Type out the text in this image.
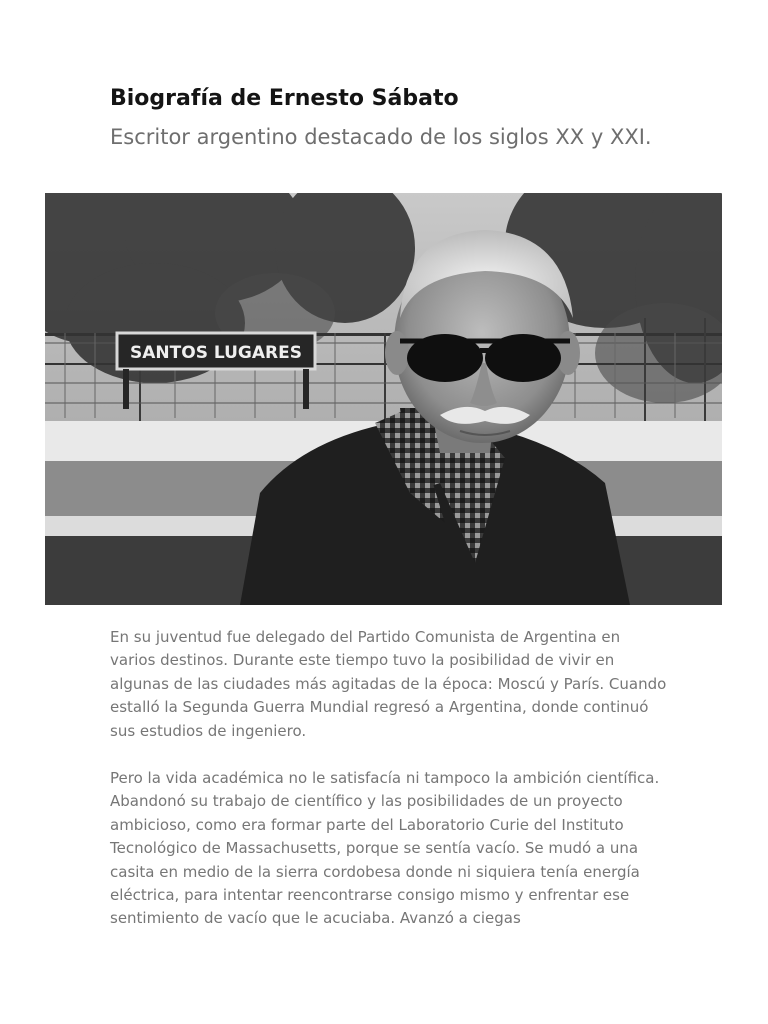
Biografía de Ernesto Sábato
Escritor argentino destacado de los siglos XX y XXI.
SANTOS LUGARES

En su juventud fue delegado del Partido Comunista de Argentina en varios destinos. Durante este tiempo tuvo la posibilidad de vivir en algunas de las ciudades más agitadas de la época: Moscú y París. Cuando estalló la Segunda Guerra Mundial regresó a Argentina, donde continuó sus estudios de ingeniero.

Pero la vida académica no le satisfacía ni tampoco la ambición científica. Abandonó su trabajo de científico y las posibilidades de un proyecto ambicioso, como era formar parte del Laboratorio Curie del Instituto Tecnológico de Massachusetts, porque se sentía vacío. Se mudó a una casita en medio de la sierra cordobesa donde ni siquiera tenía energía eléctrica, para intentar reencontrarse consigo mismo y enfrentar ese sentimiento de vacío que le acuciaba. Avanzó a ciegas
